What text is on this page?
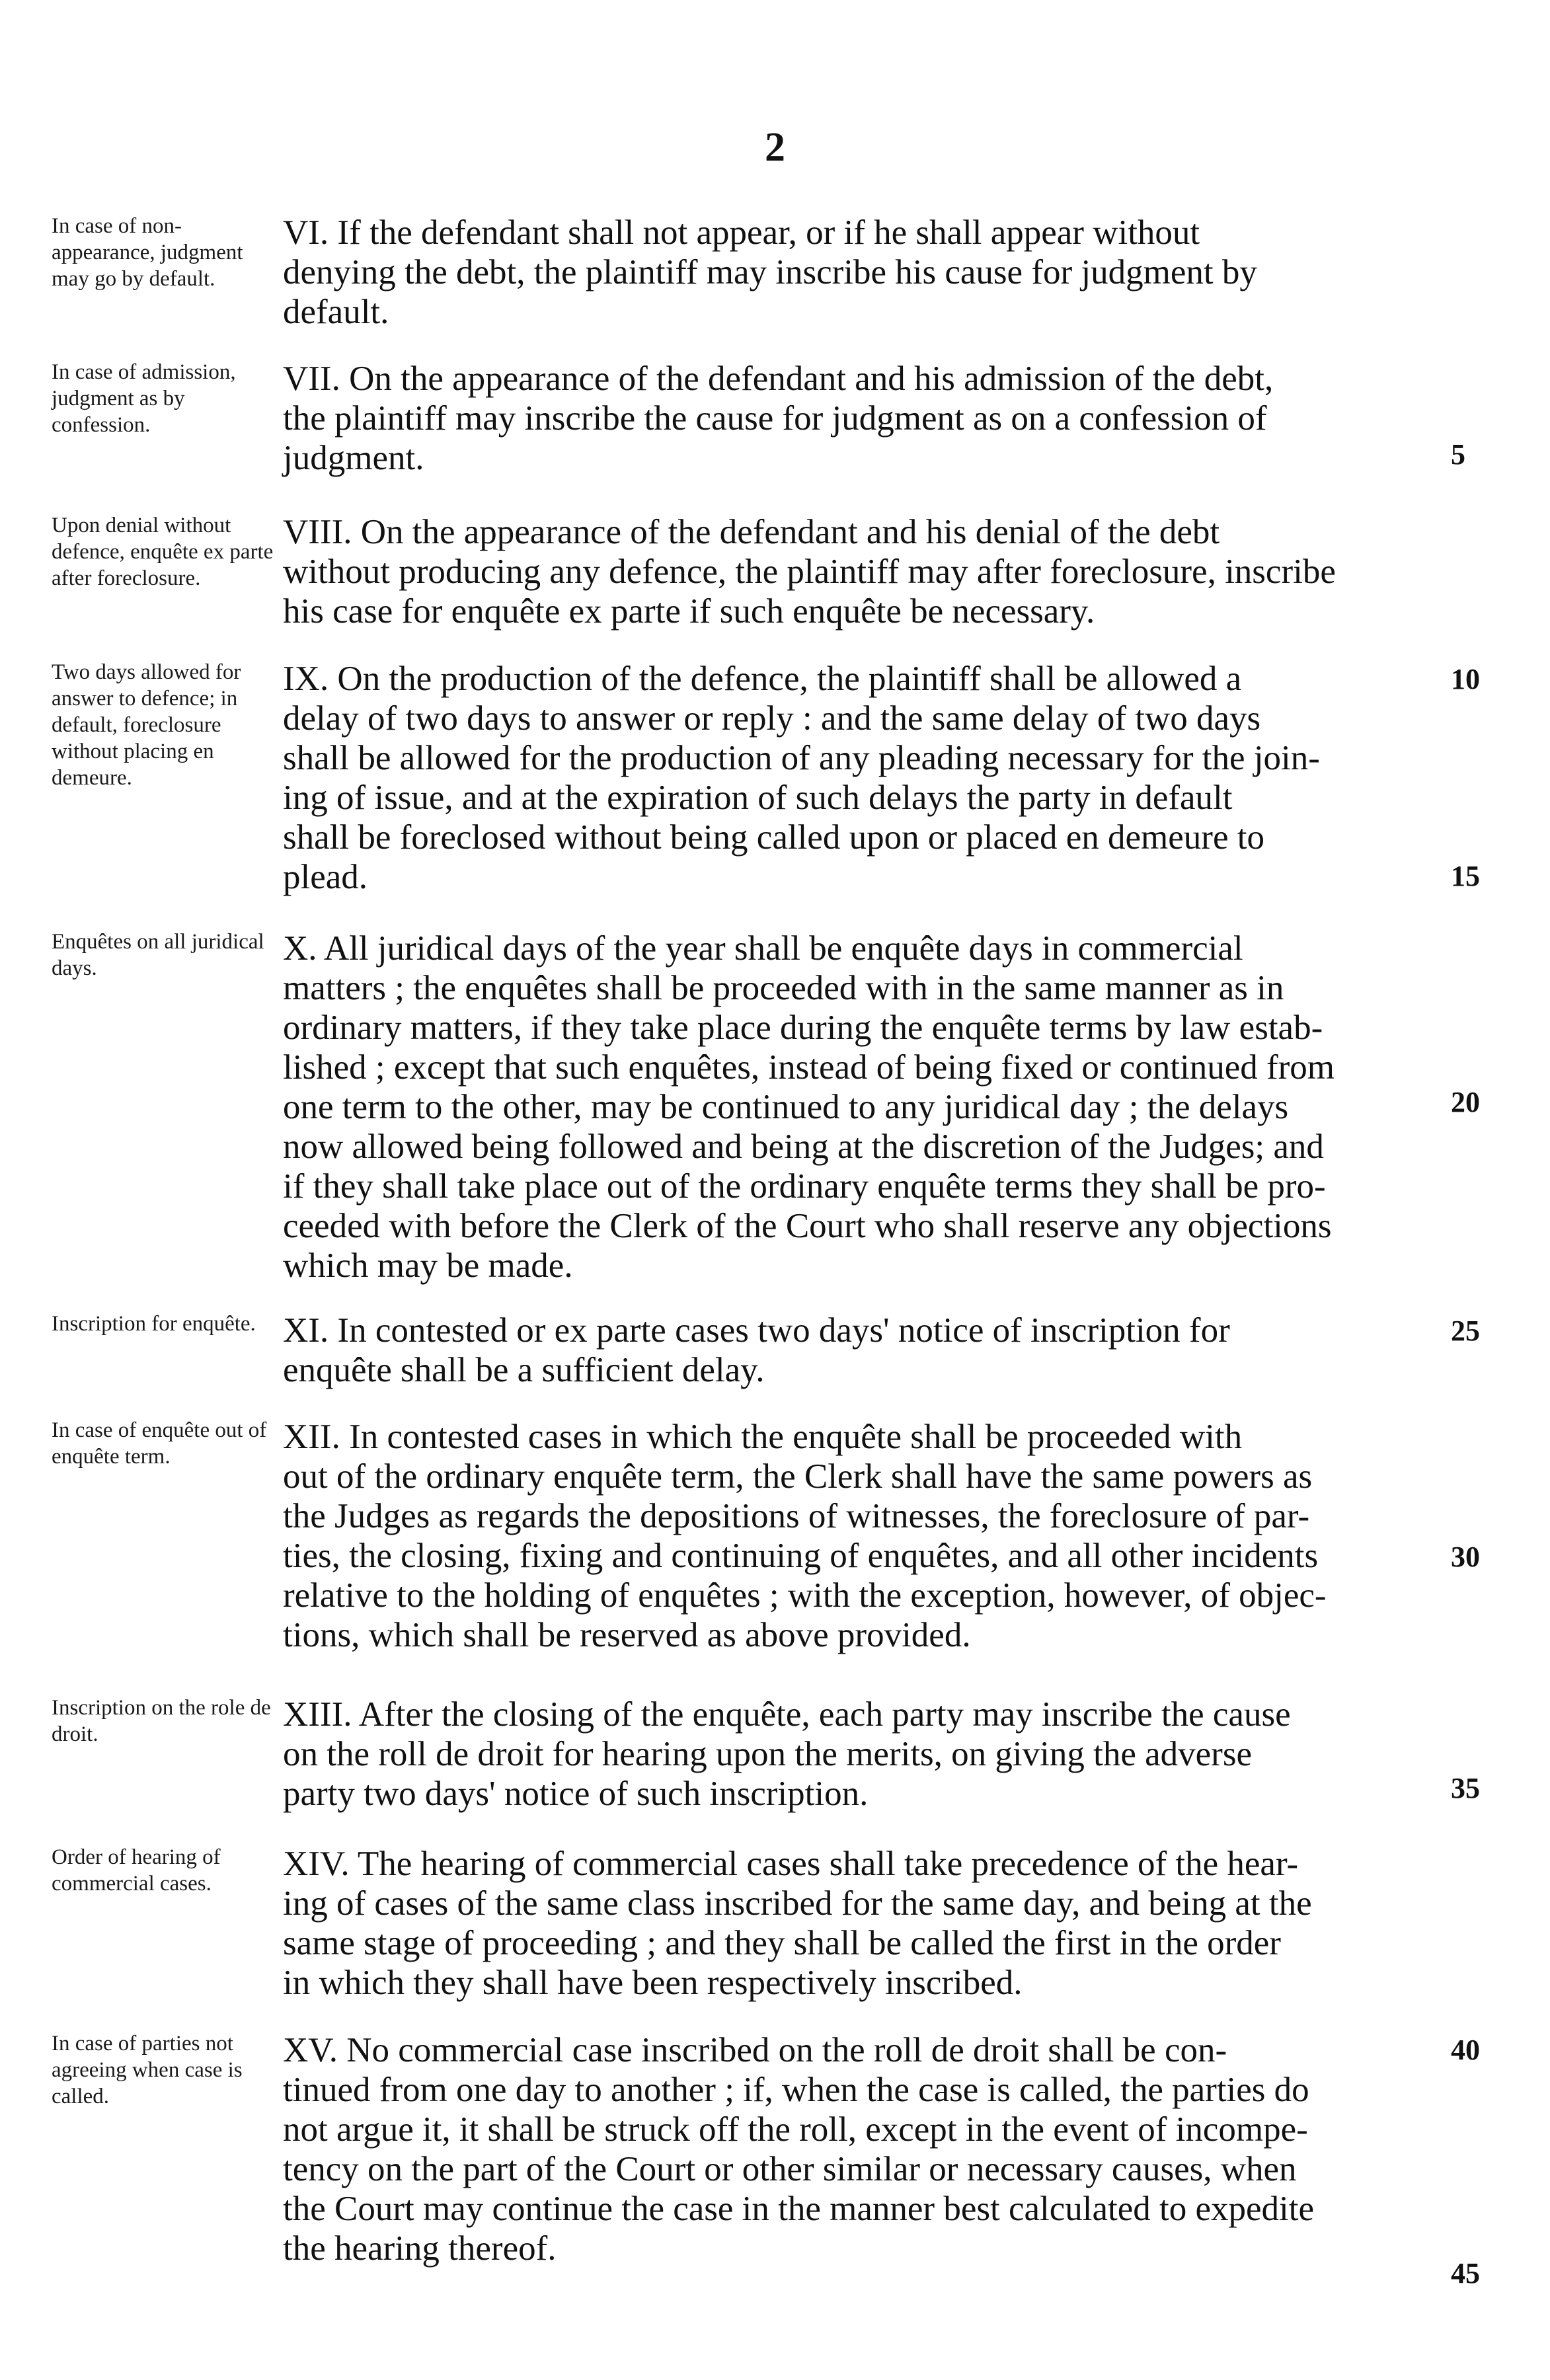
2
In case of non-appearance, judgment may go by default.
VI. If the defendant shall not appear, or if he shall appear without
denying the debt, the plaintiff may inscribe his cause for judgment by
default.
In case of admission, judgment as by confession.
VII. On the appearance of the defendant and his admission of the debt,
the plaintiff may inscribe the cause for judgment as on a confession of
judgment.
Upon denial without defence, enquête ex parte after foreclosure.
VIII. On the appearance of the defendant and his denial of the debt
without producing any defence, the plaintiff may after foreclosure, inscribe
his case for enquête ex parte if such enquête be necessary.
Two days allowed for answer to defence; in default, foreclosure without placing en demeure.
IX. On the production of the defence, the plaintiff shall be allowed a
delay of two days to answer or reply : and the same delay of two days
shall be allowed for the production of any pleading necessary for the join-
ing of issue, and at the expiration of such delays the party in default
shall be foreclosed without being called upon or placed en demeure to
plead.
Enquêtes on all juridical days.
X. All juridical days of the year shall be enquête days in commercial
matters ; the enquêtes shall be proceeded with in the same manner as in
ordinary matters, if they take place during the enquête terms by law estab-
lished ; except that such enquêtes, instead of being fixed or continued from
one term to the other, may be continued to any juridical day ; the delays
now allowed being followed and being at the discretion of the Judges; and
if they shall take place out of the ordinary enquête terms they shall be pro-
ceeded with before the Clerk of the Court who shall reserve any objections
which may be made.
Inscription for enquête. XI. In contested or ex parte cases two days' notice of inscription for
enquête shall be a sufficient delay.
In case of enquête out of enquête term.
XII. In contested cases in which the enquête shall be proceeded with
out of the ordinary enquête term, the Clerk shall have the same powers as
the Judges as regards the depositions of witnesses, the foreclosure of par-
ties, the closing, fixing and continuing of enquêtes, and all other incidents
relative to the holding of enquêtes ; with the exception, however, of objec-
tions, which shall be reserved as above provided.
Inscription on the role de droit.
XIII. After the closing of the enquête, each party may inscribe the cause
on the roll de droit for hearing upon the merits, on giving the adverse
party two days' notice of such inscription.
Order of hearing of commercial cases.
XIV. The hearing of commercial cases shall take precedence of the hear-
ing of cases of the same class inscribed for the same day, and being at the
same stage of proceeding ; and they shall be called the first in the order
in which they shall have been respectively inscribed.
In case of parties not agreeing when case is called.
XV. No commercial case inscribed on the roll de droit shall be con-
tinued from one day to another ; if, when the case is called, the parties do
not argue it, it shall be struck off the roll, except in the event of incompe-
tency on the part of the Court or other similar or necessary causes, when
the Court may continue the case in the manner best calculated to expedite
the hearing thereof.
5
10
15
20
25
30
35
40
45
